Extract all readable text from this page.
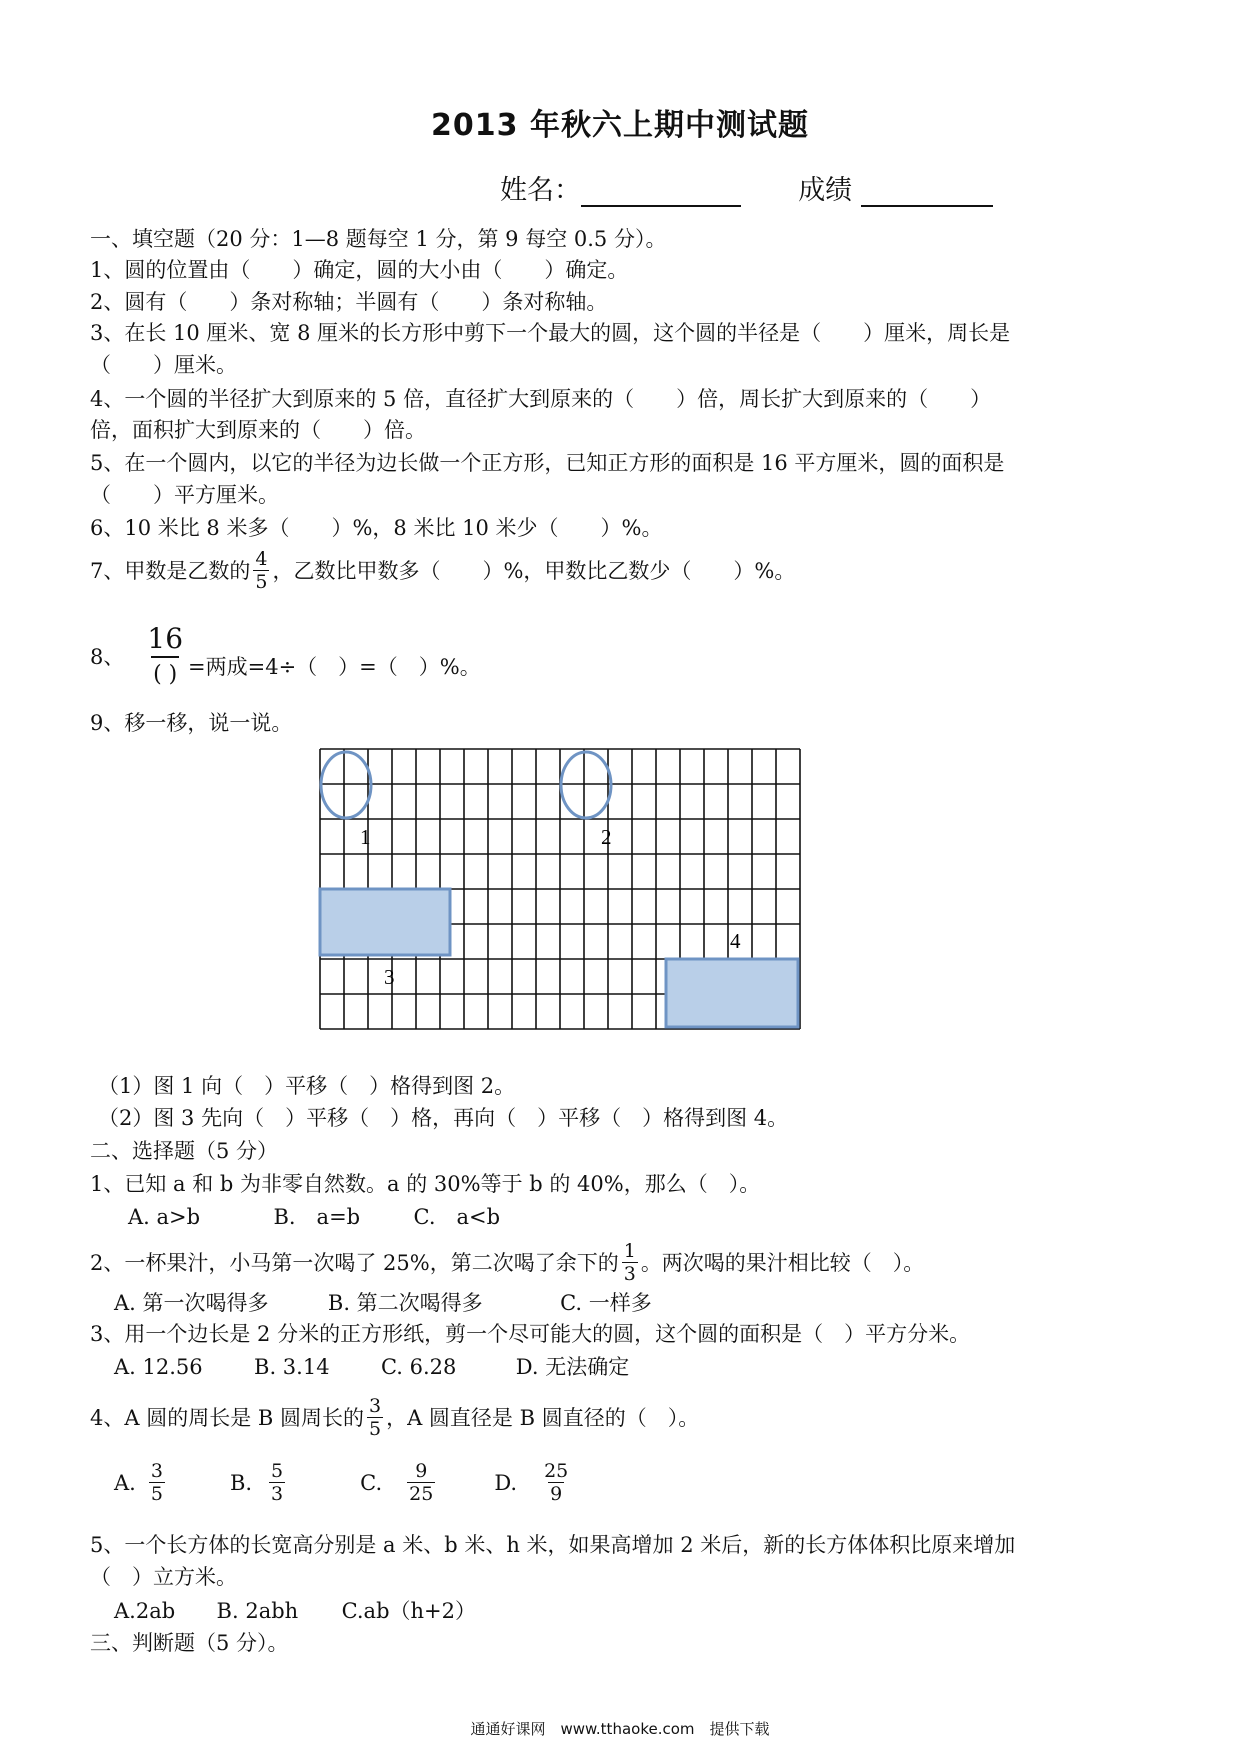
2013 年秋六上期中测试题
姓名：	成绩
一、填空题（20 分：1—8 题每空 1 分，第 9 每空 0.5 分）。
1、圆的位置由（　　）确定，圆的大小由（　　）确定。
2、圆有（　　）条对称轴；半圆有（　　）条对称轴。
3、在长 10 厘米、宽 8 厘米的长方形中剪下一个最大的圆，这个圆的半径是（　　）厘米，周长是
（　　）厘米。
4、一个圆的半径扩大到原来的 5 倍，直径扩大到原来的（　　）倍，周长扩大到原来的（　　）
倍，面积扩大到原来的（　　）倍。
5、在一个圆内，以它的半径为边长做一个正方形，已知正方形的面积是 16 平方厘米，圆的面积是
（　　）平方厘米。
6、10 米比 8 米多（　　）%，8 米比 10 米少（　　）%。
7、甲数是乙数的 $\frac{4}{5}$ ，乙数比甲数多（　　）%，甲数比乙数少（　　）%。
8、 $\frac{16}{( )}$ =两成=4÷（　）=（　）%。
9、移一移，说一说。
1	2
3
4
（1）图 1 向（　）平移（　）格得到图 2。
（2）图 3 先向（　）平移（　）格，再向（　）平移（　）格得到图 4。
二、选择题（5 分）
1、已知 a 和 b 为非零自然数。a 的 30%等于 b 的 40%，那么（　）。
A. a>b	B.　a=b	C.　a<b
2、一杯果汁，小马第一次喝了 25%，第二次喝了余下的 $\frac{1}{3}$ 。两次喝的果汁相比较（　）。
A. 第一次喝得多	B. 第二次喝得多	C. 一样多
3、用一个边长是 2 分米的正方形纸，剪一个尽可能大的圆，这个圆的面积是（　）平方分米。
A. 12.56 B. 3.14 C. 6.28	D. 无法确定
4、A 圆的周长是 B 圆周长的 $\frac{3}{5}$ ，A 圆直径是 B 圆直径的（　）。
A. $\frac{3}{5}$	B. $\frac{5}{3}$	C. $\frac{9}{25}$	D. $\frac{25}{9}$
5、一个长方体的长宽高分别是 a 米、b 米、h 米，如果高增加 2 米后，新的长方体体积比原来增加
（　）立方米。
A.2ab B. 2abh C.ab（h+2）
三、判断题（5 分）。
通通好课网　www.tthaoke.com　提供下载
